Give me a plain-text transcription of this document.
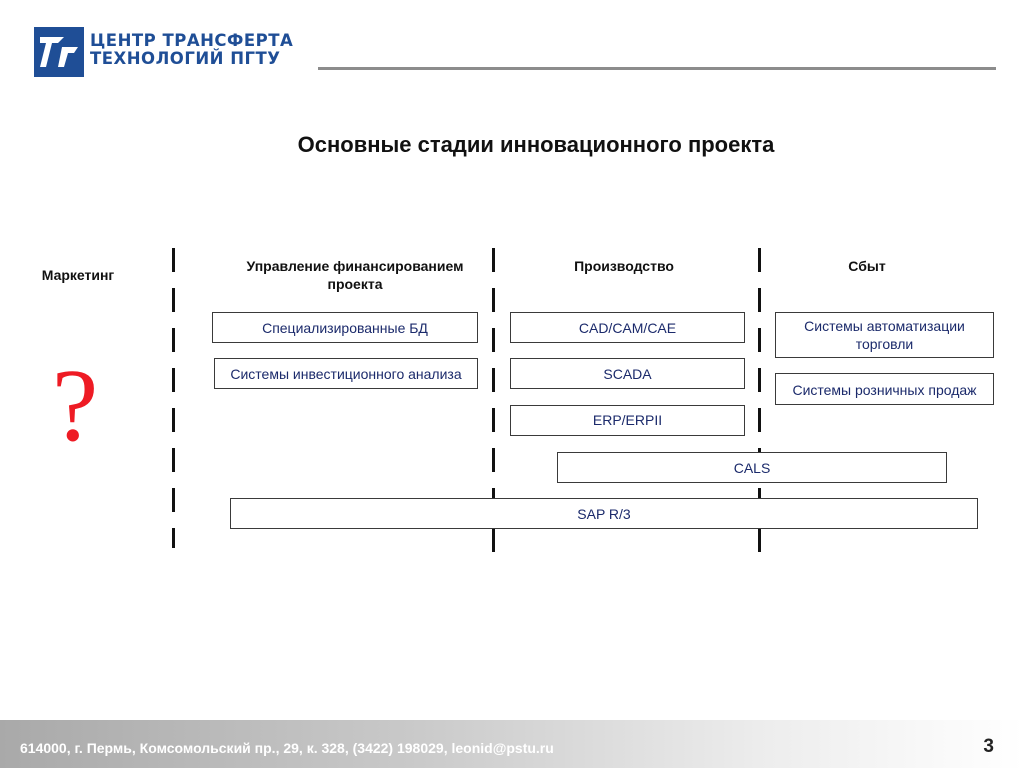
ЦЕНТР ТРАНСФЕРТА
ТЕХНОЛОГИЙ ПГТУ
Основные стадии инновационного проекта
Маркетинг
Управление финансированием проекта
Производство	Сбыт
?
Специализированные БД
Системы инвестиционного анализа
CAD/CAM/CAE
SCADA
ERP/ERPII
Системы автоматизации торговли
Системы розничных продаж
CALS
SAP R/3
614000, г. Пермь, Комсомольский пр., 29, к. 328, (3422) 198029, leonid@pstu.ru	3
